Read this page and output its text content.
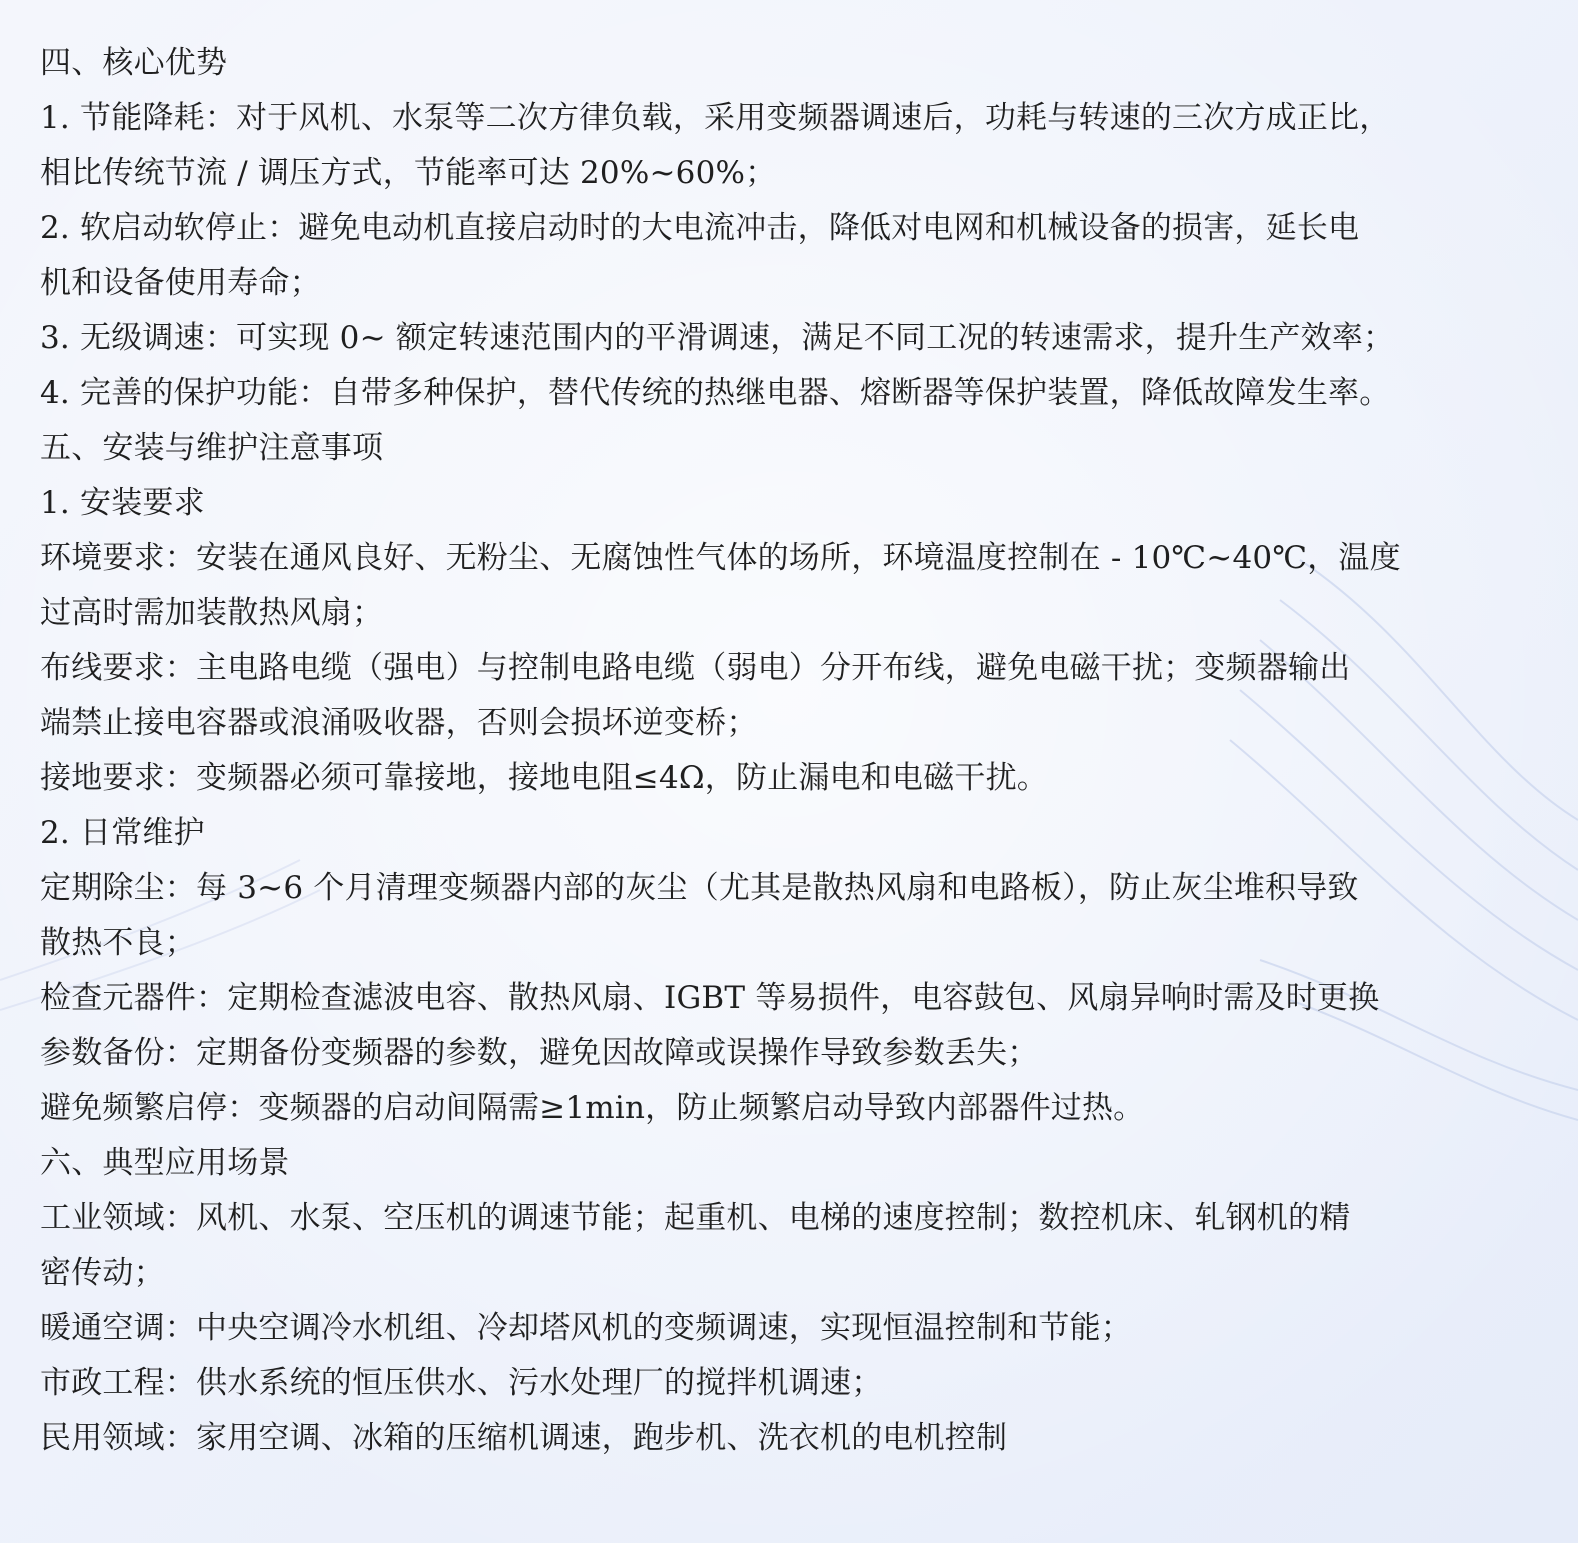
四、核心优势
1. 节能降耗：对于风机、水泵等二次方律负载，采用变频器调速后，功耗与转速的三次方成正比，
相比传统节流 / 调压方式，节能率可达 20%~60%；
2. 软启动软停止：避免电动机直接启动时的大电流冲击，降低对电网和机械设备的损害，延长电
机和设备使用寿命；
3. 无级调速：可实现 0~ 额定转速范围内的平滑调速，满足不同工况的转速需求，提升生产效率；
4. 完善的保护功能：自带多种保护，替代传统的热继电器、熔断器等保护装置，降低故障发生率。
五、安装与维护注意事项
1. 安装要求
环境要求：安装在通风良好、无粉尘、无腐蚀性气体的场所，环境温度控制在 - 10℃~40℃，温度
过高时需加装散热风扇；
布线要求：主电路电缆（强电）与控制电路电缆（弱电）分开布线，避免电磁干扰；变频器输出
端禁止接电容器或浪涌吸收器，否则会损坏逆变桥；
接地要求：变频器必须可靠接地，接地电阻≤4Ω，防止漏电和电磁干扰。
2. 日常维护
定期除尘：每 3~6 个月清理变频器内部的灰尘（尤其是散热风扇和电路板），防止灰尘堆积导致
散热不良；
检查元器件：定期检查滤波电容、散热风扇、IGBT 等易损件，电容鼓包、风扇异响时需及时更换
参数备份：定期备份变频器的参数，避免因故障或误操作导致参数丢失；
避免频繁启停：变频器的启动间隔需≥1min，防止频繁启动导致内部器件过热。
六、典型应用场景
工业领域：风机、水泵、空压机的调速节能；起重机、电梯的速度控制；数控机床、轧钢机的精
密传动；
暖通空调：中央空调冷水机组、冷却塔风机的变频调速，实现恒温控制和节能；
市政工程：供水系统的恒压供水、污水处理厂的搅拌机调速；
民用领域：家用空调、冰箱的压缩机调速，跑步机、洗衣机的电机控制
